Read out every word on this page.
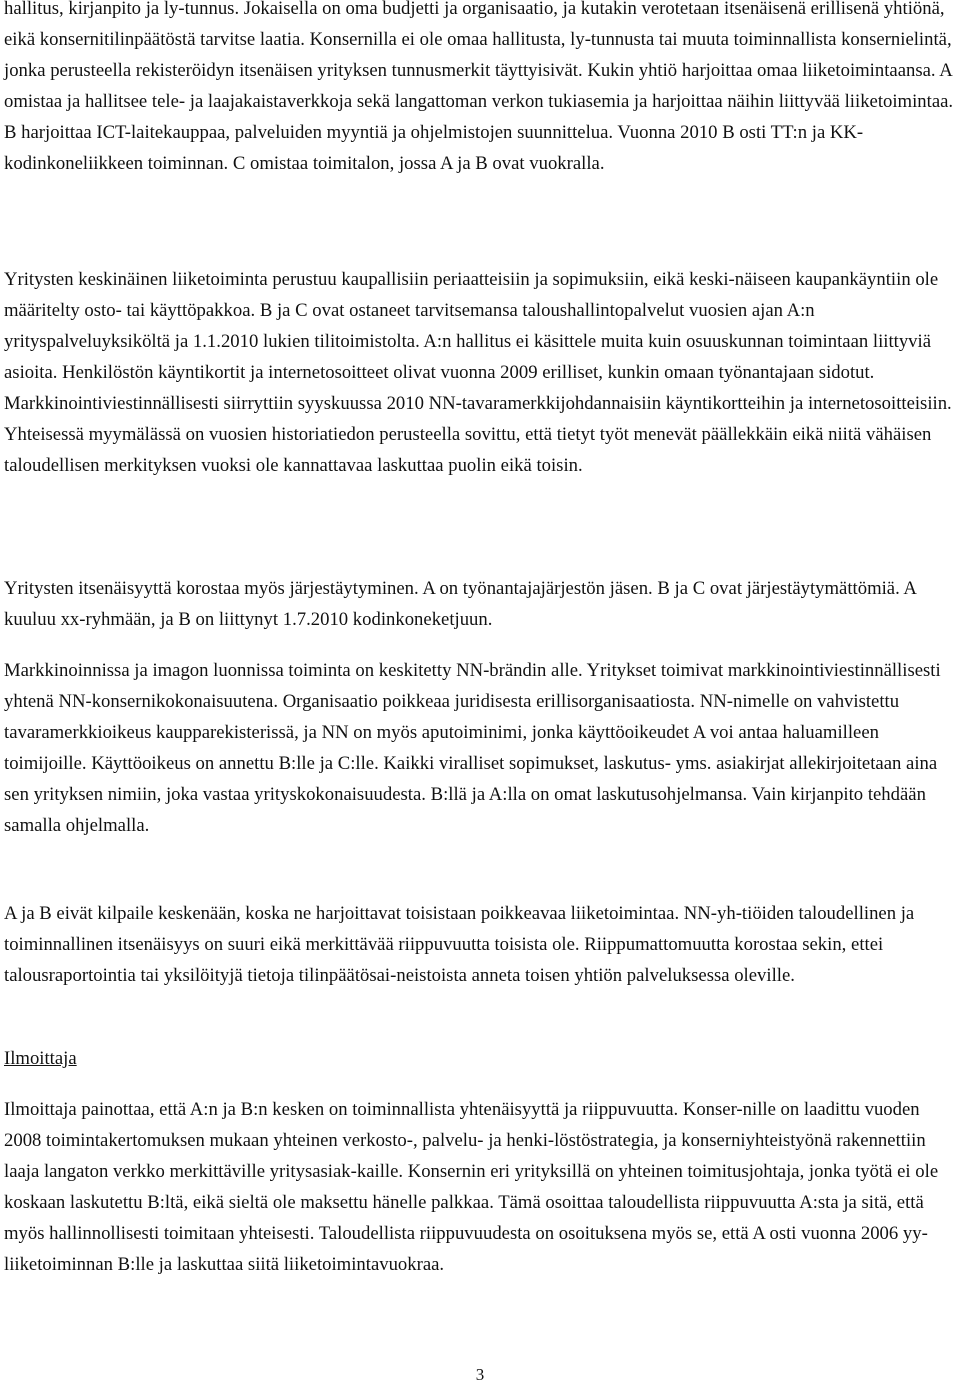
hallitus, kirjanpito ja ly-tunnus. Jokaisella on oma budjetti ja organisaatio, ja kutakin verotetaan itsenäisenä erillisenä yhtiönä, eikä konsernitilinpäätöstä tarvitse laatia. Konsernilla ei ole omaa hallitusta, ly-tunnusta tai muuta toiminnallista konsernielintä, jonka perusteella rekisteröidyn itsenäisen yrityksen tunnusmerkit täyttyisivät. Kukin yhtiö harjoittaa omaa liiketoimintaansa. A omistaa ja hallitsee tele- ja laajakaistaverkkoja sekä langattoman verkon tukiasemia ja harjoittaa näihin liittyvää liiketoimintaa. B harjoittaa ICT-laitekauppaa, palveluiden myyntiä ja ohjelmistojen suunnittelua. Vuonna 2010 B osti TT:n ja KK-kodinkoneliikkeen toiminnan. C omistaa toimitalon, jossa A ja B ovat vuokralla.

Yritysten keskinäinen liiketoiminta perustuu kaupallisiin periaatteisiin ja sopimuksiin, eikä keski-näiseen kaupankäyntiin ole määritelty osto- tai käyttöpakkoa. B ja C ovat ostaneet tarvitsemansa taloushallintopalvelut vuosien ajan A:n yrityspalveluyksiköltä ja 1.1.2010 lukien tilitoimistolta. A:n hallitus ei käsittele muita kuin osuuskunnan toimintaan liittyviä asioita. Henkilöstön käyntikortit ja internetosoitteet olivat vuonna 2009 erilliset, kunkin omaan työnantajaan sidotut. Markkinointiviestinnällisesti siirryttiin syyskuussa 2010 NN-tavaramerkkijohdannaisiin käyntikortteihin ja internetosoitteisiin. Yhteisessä myymälässä on vuosien historiatiedon perusteella sovittu, että tietyt työt menevät päällekkäin eikä niitä vähäisen taloudellisen merkityksen vuoksi ole kannattavaa laskuttaa puolin eikä toisin.

Yritysten itsenäisyyttä korostaa myös järjestäytyminen. A on työnantajajärjestön jäsen. B ja C ovat järjestäytymättömiä. A kuuluu xx-ryhmään, ja B on liittynyt 1.7.2010 kodinkoneketjuun.

Markkinoinnissa ja imagon luonnissa toiminta on keskitetty NN-brändin alle. Yritykset toimivat markkinointiviestinnällisesti yhtenä NN-konsernikokonaisuutena. Organisaatio poikkeaa juridisesta erillisorganisaatiosta. NN-nimelle on vahvistettu tavaramerkkioikeus kaupparekisterissä, ja NN on myös aputoiminimi, jonka käyttöoikeudet A voi antaa haluamilleen toimijoille. Käyttöoikeus on annettu B:lle ja C:lle. Kaikki viralliset sopimukset, laskutus- yms. asiakirjat allekirjoitetaan aina sen yrityksen nimiin, joka vastaa yrityskokonaisuudesta. B:llä ja A:lla on omat laskutusohjelmansa. Vain kirjanpito tehdään samalla ohjelmalla.

A ja B eivät kilpaile keskenään, koska ne harjoittavat toisistaan poikkeavaa liiketoimintaa. NN-yh-tiöiden taloudellinen ja toiminnallinen itsenäisyys on suuri eikä merkittävää riippuvuutta toisista ole. Riippumattomuutta korostaa sekin, ettei talousraportointia tai yksilöityjä tietoja tilinpäätösai-neistoista anneta toisen yhtiön palveluksessa oleville.

Ilmoittaja

Ilmoittaja painottaa, että A:n ja B:n kesken on toiminnallista yhtenäisyyttä ja riippuvuutta. Konser-nille on laadittu vuoden 2008 toimintakertomuksen mukaan yhteinen verkosto-, palvelu- ja henki-löstöstrategia, ja konserniyhteistyönä rakennettiin laaja langaton verkko merkittäville yritysasiak-kaille. Konsernin eri yrityksillä on yhteinen toimitusjohtaja, jonka työtä ei ole koskaan laskutettu B:ltä, eikä sieltä ole maksettu hänelle palkkaa. Tämä osoittaa taloudellista riippuvuutta A:sta ja sitä, että myös hallinnollisesti toimitaan yhteisesti. Taloudellista riippuvuudesta on osoituksena myös se, että A osti vuonna 2006 yy-liiketoiminnan B:lle ja laskuttaa siitä liiketoimintavuokraa.

3
